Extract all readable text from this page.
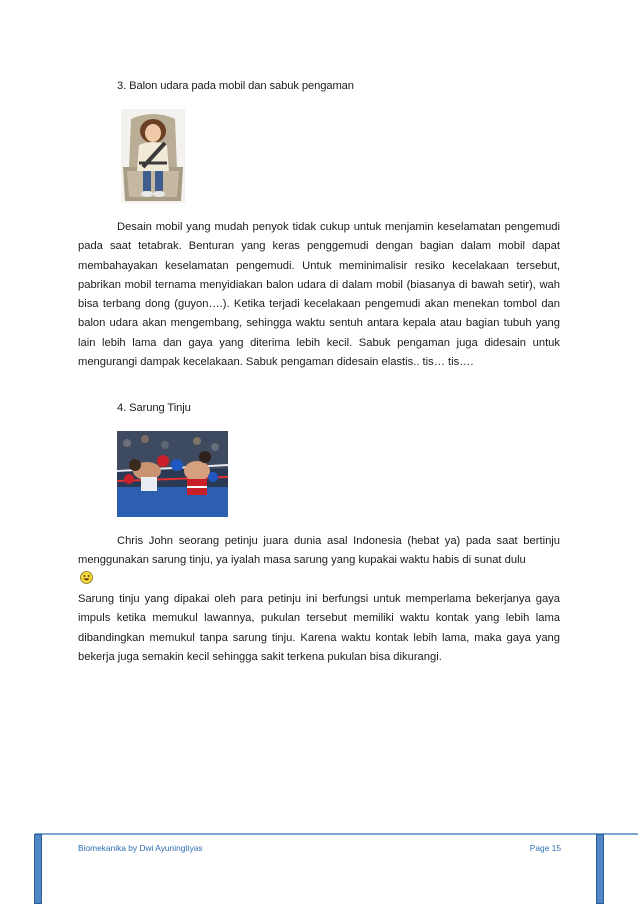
3. Balon udara pada mobil dan sabuk pengaman

Desain mobil yang mudah penyok tidak cukup untuk menjamin keselamatan pengemudi pada saat tetabrak. Benturan yang keras penggemudi dengan bagian dalam mobil dapat membahayakan keselamatan pengemudi. Untuk meminimalisir resiko kecelakaan tersebut, pabrikan mobil ternama menyidiakan balon udara di dalam mobil (biasanya di bawah setir), wah bisa terbang dong (guyon….). Ketika terjadi kecelakaan pengemudi akan menekan tombol dan balon udara akan mengembang, sehingga waktu sentuh antara kepala atau bagian tubuh yang lain lebih lama dan gaya yang diterima lebih kecil. Sabuk pengaman juga didesain untuk mengurangi dampak kecelakaan. Sabuk pengaman didesain elastis.. tis… tis….

4. Sarung Tinju

Chris John seorang petinju juara dunia asal Indonesia (hebat ya) pada saat bertinju menggunakan sarung tinju, ya iyalah masa sarung yang kupakai waktu habis di sunat dulu

Sarung tinju yang dipakai oleh para petinju ini berfungsi untuk memperlama bekerjanya gaya impuls ketika memukul lawannya, pukulan tersebut memiliki waktu kontak yang lebih lama dibandingkan memukul tanpa sarung tinju. Karena waktu kontak lebih lama, maka gaya yang bekerja juga semakin kecil sehingga sakit terkena pukulan bisa dikurangi.

Biomekanika by Dwi Ayuningtiyas	Page 15
